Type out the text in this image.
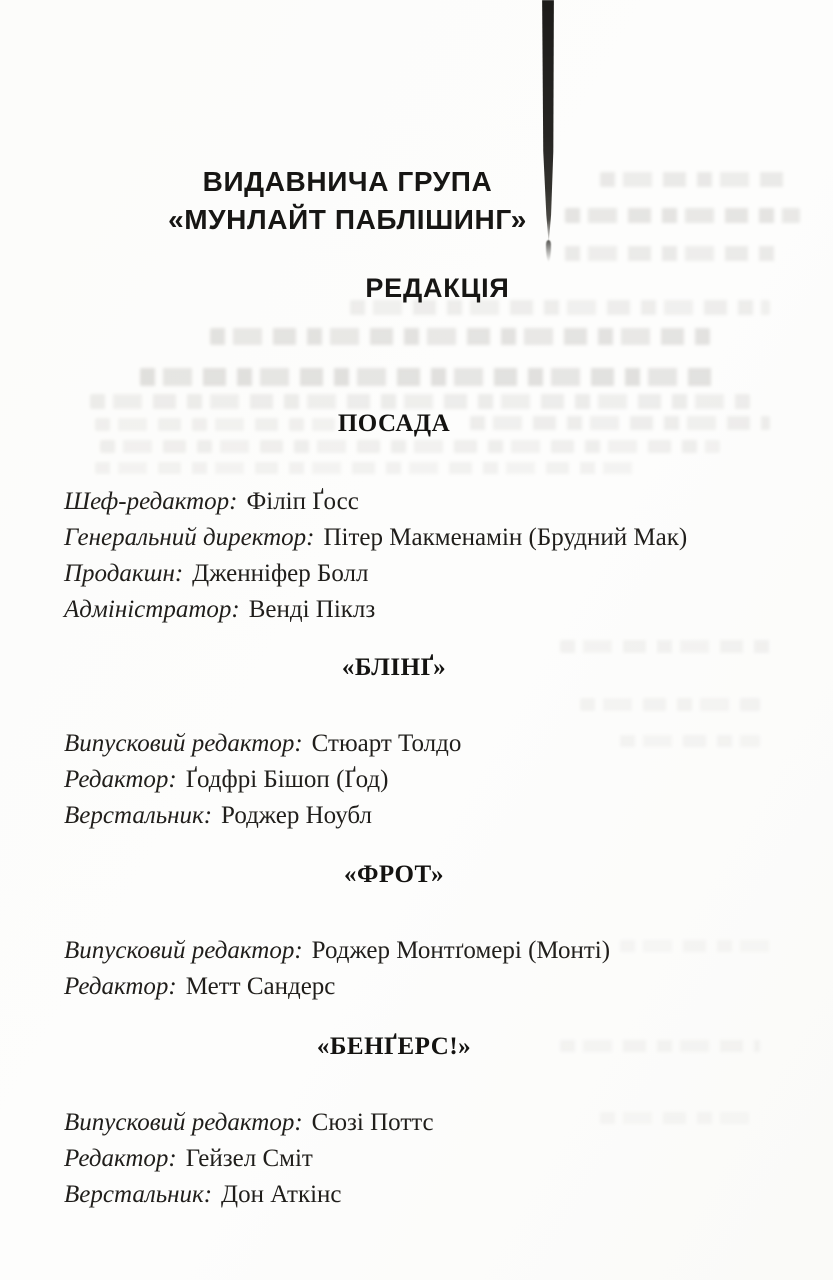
ВИДАВНИЧА ГРУПА
«МУНЛАЙТ ПАБЛІШИНГ»
РЕДАКЦІЯ
ПОСАДА
Шеф-редактор: Філіп Ґосс
Генеральний директор: Пітер Макменамін (Брудний Мак)
Продакшн: Дженніфер Болл
Адміністратор: Венді Піклз
«БЛІНҐ»
Випусковий редактор: Стюарт Толдо
Редактор: Ґодфрі Бішоп (Ґод)
Верстальник: Роджер Ноубл
«ФРОТ»
Випусковий редактор: Роджер Монтґомері (Монті)
Редактор: Метт Сандерс
«БЕНҐЕРС!»
Випусковий редактор: Сюзі Поттс
Редактор: Гейзел Сміт
Верстальник: Дон Аткінс
